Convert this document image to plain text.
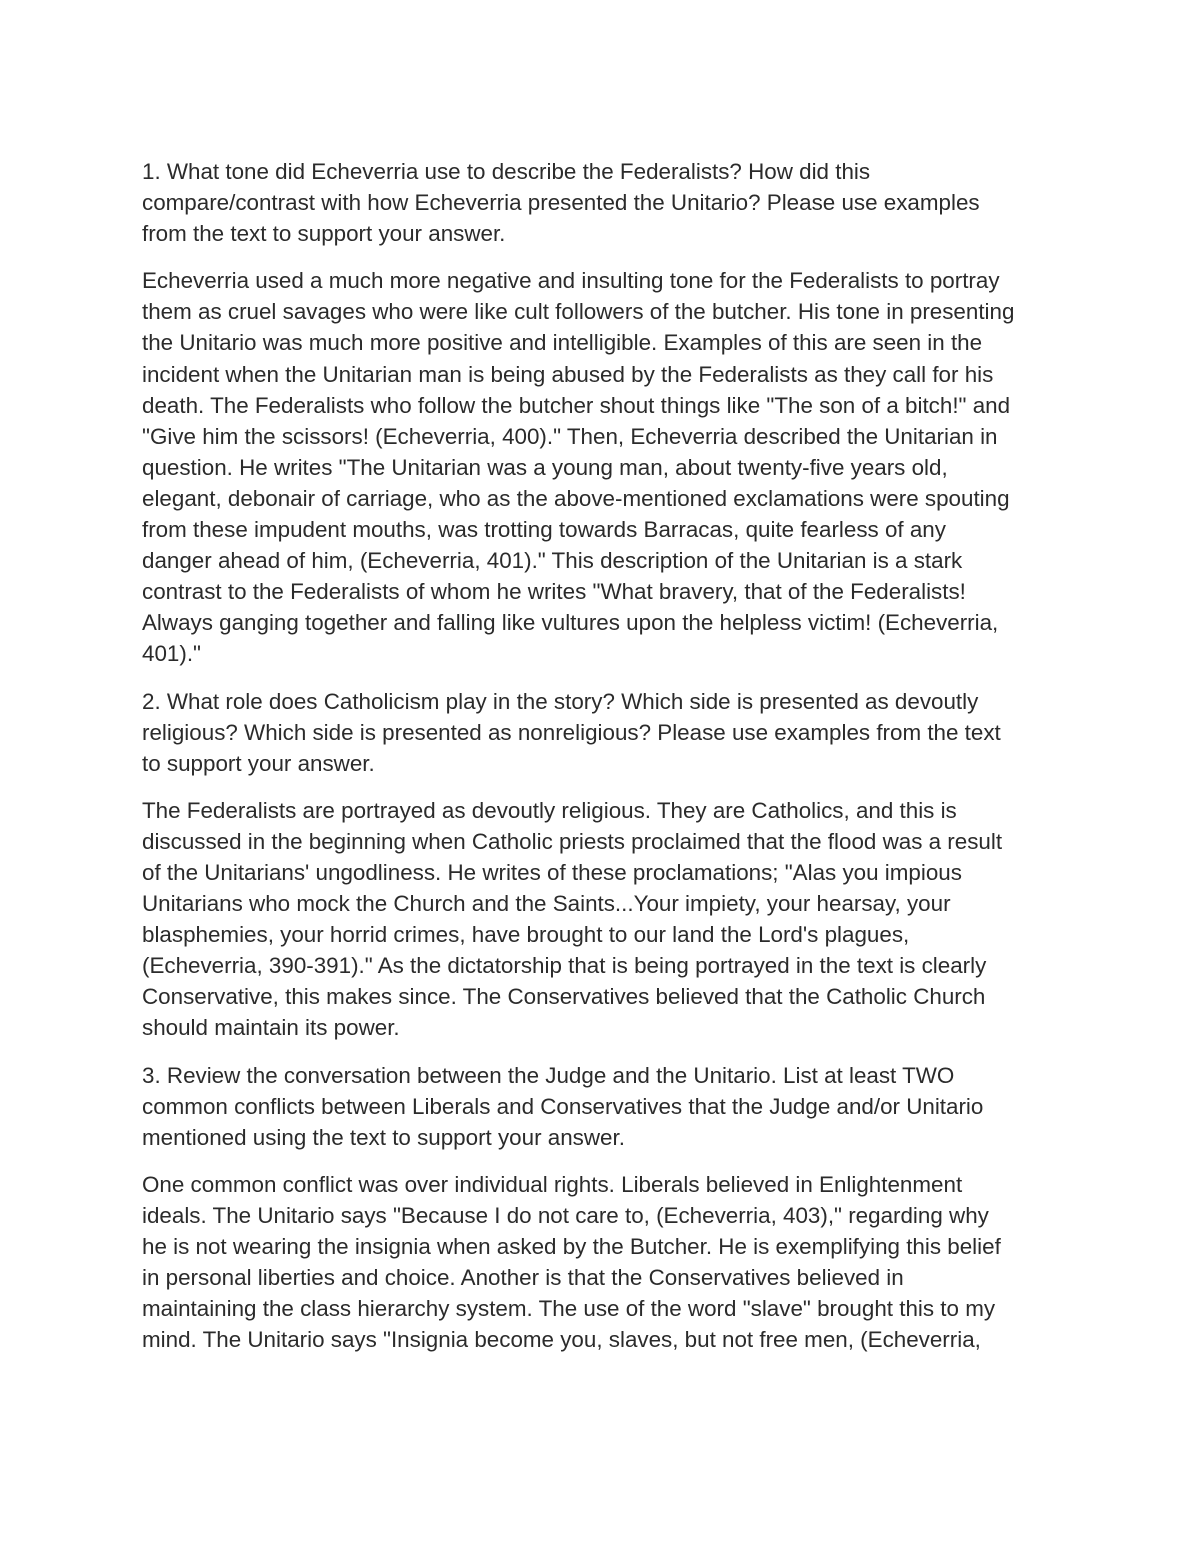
1. What tone did Echeverria use to describe the Federalists? How did this
compare/contrast with how Echeverria presented the Unitario? Please use examples
from the text to support your answer.

Echeverria used a much more negative and insulting tone for the Federalists to portray
them as cruel savages who were like cult followers of the butcher. His tone in presenting
the Unitario was much more positive and intelligible. Examples of this are seen in the
incident when the Unitarian man is being abused by the Federalists as they call for his
death. The Federalists who follow the butcher shout things like "The son of a bitch!" and
"Give him the scissors! (Echeverria, 400)." Then, Echeverria described the Unitarian in
question. He writes "The Unitarian was a young man, about twenty-five years old,
elegant, debonair of carriage, who as the above-mentioned exclamations were spouting
from these impudent mouths, was trotting towards Barracas, quite fearless of any
danger ahead of him, (Echeverria, 401)." This description of the Unitarian is a stark
contrast to the Federalists of whom he writes "What bravery, that of the Federalists!
Always ganging together and falling like vultures upon the helpless victim! (Echeverria,
401)."

2. What role does Catholicism play in the story? Which side is presented as devoutly
religious? Which side is presented as nonreligious? Please use examples from the text
to support your answer.

The Federalists are portrayed as devoutly religious. They are Catholics, and this is
discussed in the beginning when Catholic priests proclaimed that the flood was a result
of the Unitarians' ungodliness. He writes of these proclamations; "Alas you impious
Unitarians who mock the Church and the Saints...Your impiety, your hearsay, your
blasphemies, your horrid crimes, have brought to our land the Lord's plagues,
(Echeverria, 390-391)." As the dictatorship that is being portrayed in the text is clearly
Conservative, this makes since. The Conservatives believed that the Catholic Church
should maintain its power.

3. Review the conversation between the Judge and the Unitario. List at least TWO
common conflicts between Liberals and Conservatives that the Judge and/or Unitario
mentioned using the text to support your answer.

One common conflict was over individual rights. Liberals believed in Enlightenment
ideals. The Unitario says "Because I do not care to, (Echeverria, 403)," regarding why
he is not wearing the insignia when asked by the Butcher. He is exemplifying this belief
in personal liberties and choice. Another is that the Conservatives believed in
maintaining the class hierarchy system. The use of the word "slave" brought this to my
mind. The Unitario says "Insignia become you, slaves, but not free men, (Echeverria,
